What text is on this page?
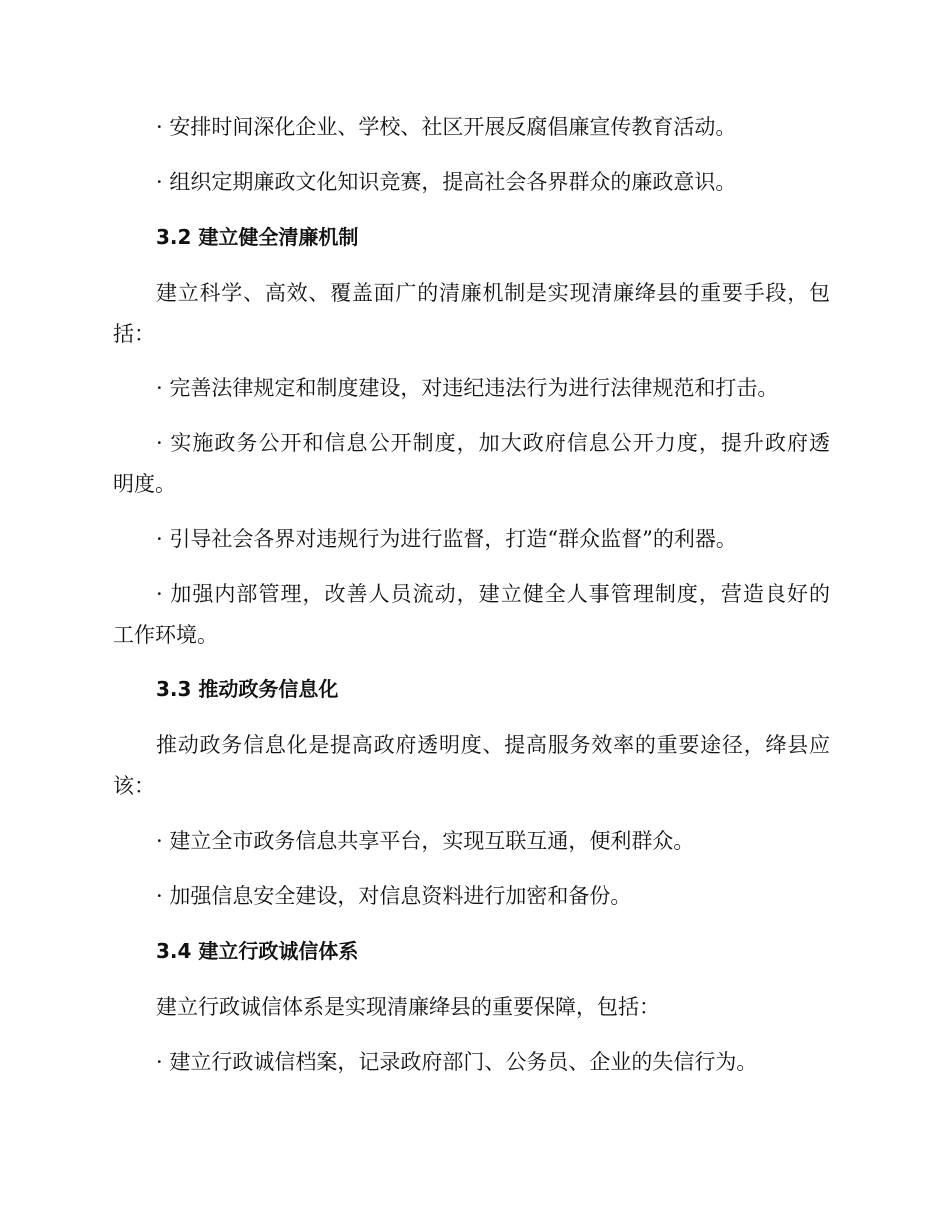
· 安排时间深化企业、学校、社区开展反腐倡廉宣传教育活动。
· 组织定期廉政文化知识竞赛，提高社会各界群众的廉政意识。
3.2 建立健全清廉机制
建立科学、高效、覆盖面广的清廉机制是实现清廉绛县的重要手段，包
括：
· 完善法律规定和制度建设，对违纪违法行为进行法律规范和打击。
· 实施政务公开和信息公开制度，加大政府信息公开力度，提升政府透
明度。
· 引导社会各界对违规行为进行监督，打造“群众监督”的利器。
· 加强内部管理，改善人员流动，建立健全人事管理制度，营造良好的
工作环境。
3.3 推动政务信息化
推动政务信息化是提高政府透明度、提高服务效率的重要途径，绛县应
该：
· 建立全市政务信息共享平台，实现互联互通，便利群众。
· 加强信息安全建设，对信息资料进行加密和备份。
3.4 建立行政诚信体系
建立行政诚信体系是实现清廉绛县的重要保障，包括：
· 建立行政诚信档案，记录政府部门、公务员、企业的失信行为。
